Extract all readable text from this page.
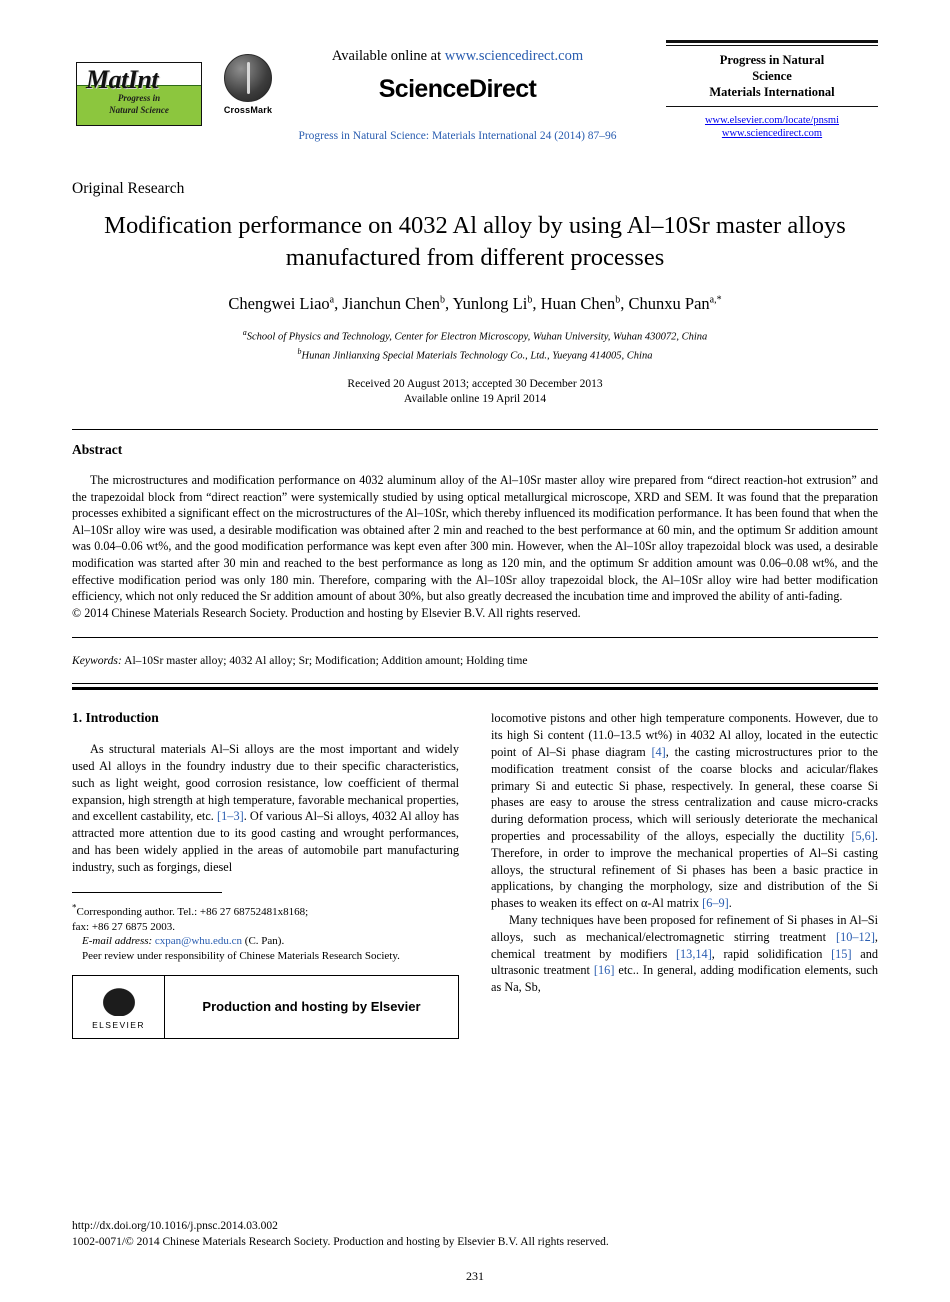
MatInt
Progress in
Natural Science	CrossMark
Available online at www.sciencedirect.com
ScienceDirect
Progress in Natural Science: Materials International 24 (2014) 87–96
Progress in Natural
Science
Materials International
www.elsevier.com/locate/pnsmi
www.sciencedirect.com
Original Research
Modification performance on 4032 Al alloy by using Al–10Sr master alloys
manufactured from different processes
Chengwei Liao$^a$, Jianchun Chen$^b$, Yunlong Li$^b$, Huan Chen$^b$, Chunxu Pan$^{a,*}$
$^a$School of Physics and Technology, Center for Electron Microscopy, Wuhan University, Wuhan 430072, China
$^b$Hunan Jinlianxing Special Materials Technology Co., Ltd., Yueyang 414005, China
Received 20 August 2013; accepted 30 December 2013
Available online 19 April 2014
Abstract

The microstructures and modification performance on 4032 aluminum alloy of the Al–10Sr master alloy wire prepared from “direct reaction-hot extrusion” and the trapezoidal block from “direct reaction” were systemically studied by using optical metallurgical microscope, XRD and SEM. It was found that the preparation processes exhibited a significant effect on the microstructures of the Al–10Sr, which thereby influenced its modification performance. It has been found that when the Al–10Sr alloy wire was used, a desirable modification was obtained after 2 min and reached to the best performance at 60 min, and the optimum Sr addition amount was 0.04–0.06 wt%, and the good modification performance was kept even after 300 min. However, when the Al–10Sr alloy trapezoidal block was used, a desirable modification was started after 30 min and reached to the best performance as long as 120 min, and the optimum Sr addition amount was 0.06–0.08 wt%, and the effective modification period was only 180 min. Therefore, comparing with the Al–10Sr alloy trapezoidal block, the Al–10Sr alloy wire had better modification efficiency, which not only reduced the Sr addition amount of about 30%, but also greatly decreased the incubation time and improved the ability of anti-fading.

© 2014 Chinese Materials Research Society. Production and hosting by Elsevier B.V. All rights reserved.

Keywords: Al–10Sr master alloy; 4032 Al alloy; Sr; Modification; Addition amount; Holding time
1. Introduction

As structural materials Al–Si alloys are the most important and widely used Al alloys in the foundry industry due to their specific characteristics, such as light weight, good corrosion resistance, low coefficient of thermal expansion, high strength at high temperature, favorable mechanical properties, and excellent castability, etc. [1–3]. Of various Al–Si alloys, 4032 Al alloy has attracted more attention due to its good casting and wrought performances, and has been widely applied in the areas of automobile part manufacturing industry, such as forgings, diesel

*Corresponding author. Tel.: +86 27 68752481x8168;
fax: +86 27 6875 2003.
E-mail address: cxpan@whu.edu.cn (C. Pan).
Peer review under responsibility of Chinese Materials Research Society.
ELSEVIER
Production and hosting by Elsevier

locomotive pistons and other high temperature components. However, due to its high Si content (11.0–13.5 wt%) in 4032 Al alloy, located in the eutectic point of Al–Si phase diagram [4], the casting microstructures prior to the modification treatment consist of the coarse blocks and acicular/flakes primary Si and eutectic Si phase, respectively. In general, these coarse Si phases are easy to arouse the stress centralization and cause micro-cracks during deformation process, which will seriously deteriorate the mechanical properties and processability of the alloys, especially the ductility [5,6]. Therefore, in order to improve the mechanical properties of Al–Si casting alloys, the structural refinement of Si phases has been a basic practice in applications, by changing the morphology, size and distribution of the Si phases to weaken its effect on α-Al matrix [6–9].

Many techniques have been proposed for refinement of Si phases in Al–Si alloys, such as mechanical/electromagnetic stirring treatment [10–12], chemical treatment by modifiers [13,14], rapid solidification [15] and ultrasonic treatment [16] etc.. In general, adding modification elements, such as Na, Sb,

http://dx.doi.org/10.1016/j.pnsc.2014.03.002
1002-0071/© 2014 Chinese Materials Research Society. Production and hosting by Elsevier B.V. All rights reserved.
231
